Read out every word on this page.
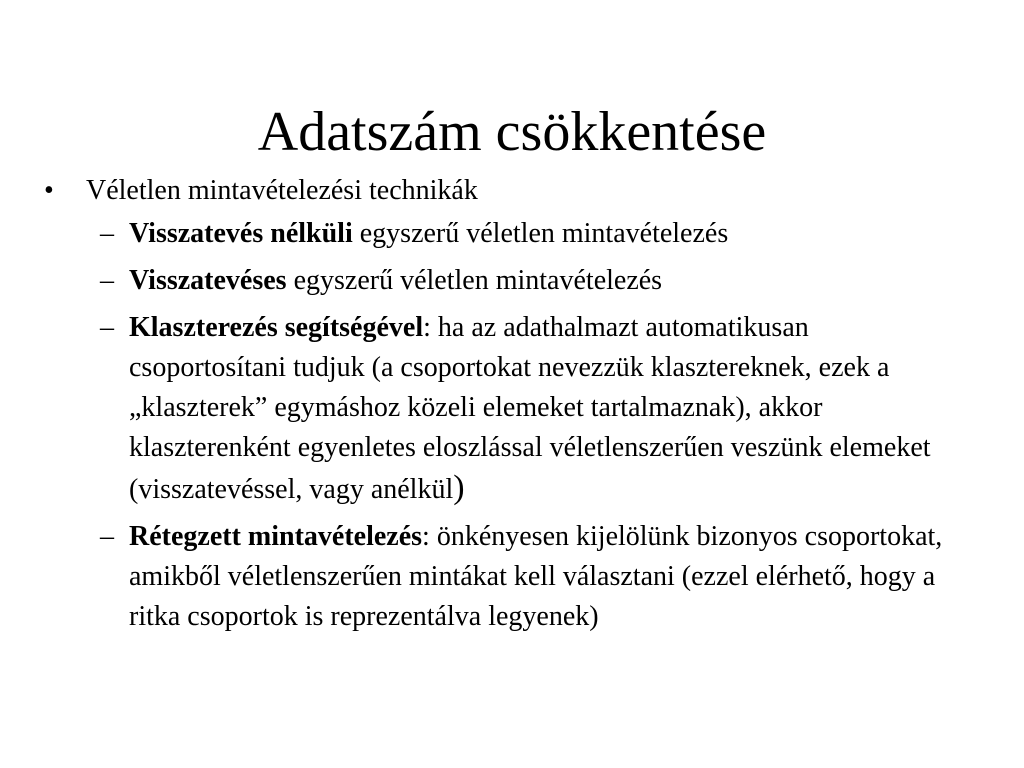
Adatszám csökkentése
• Véletlen mintavételezési technikák
– Visszatevés nélküli egyszerű véletlen mintavételezés
– Visszatevéses egyszerű véletlen mintavételezés
– Klaszterezés segítségével: ha az adathalmazt automatikusan csoportosítani tudjuk (a csoportokat nevezzük klasztereknek, ezek a „klaszterek” egymáshoz közeli elemeket tartalmaznak), akkor klaszterenként egyenletes eloszlással véletlenszerűen veszünk elemeket (visszatevéssel, vagy anélkül)
– Rétegzett mintavételezés: önkényesen kijelölünk bizonyos csoportokat, amikből véletlenszerűen mintákat kell választani (ezzel elérhető, hogy a ritka csoportok is reprezentálva legyenek)
